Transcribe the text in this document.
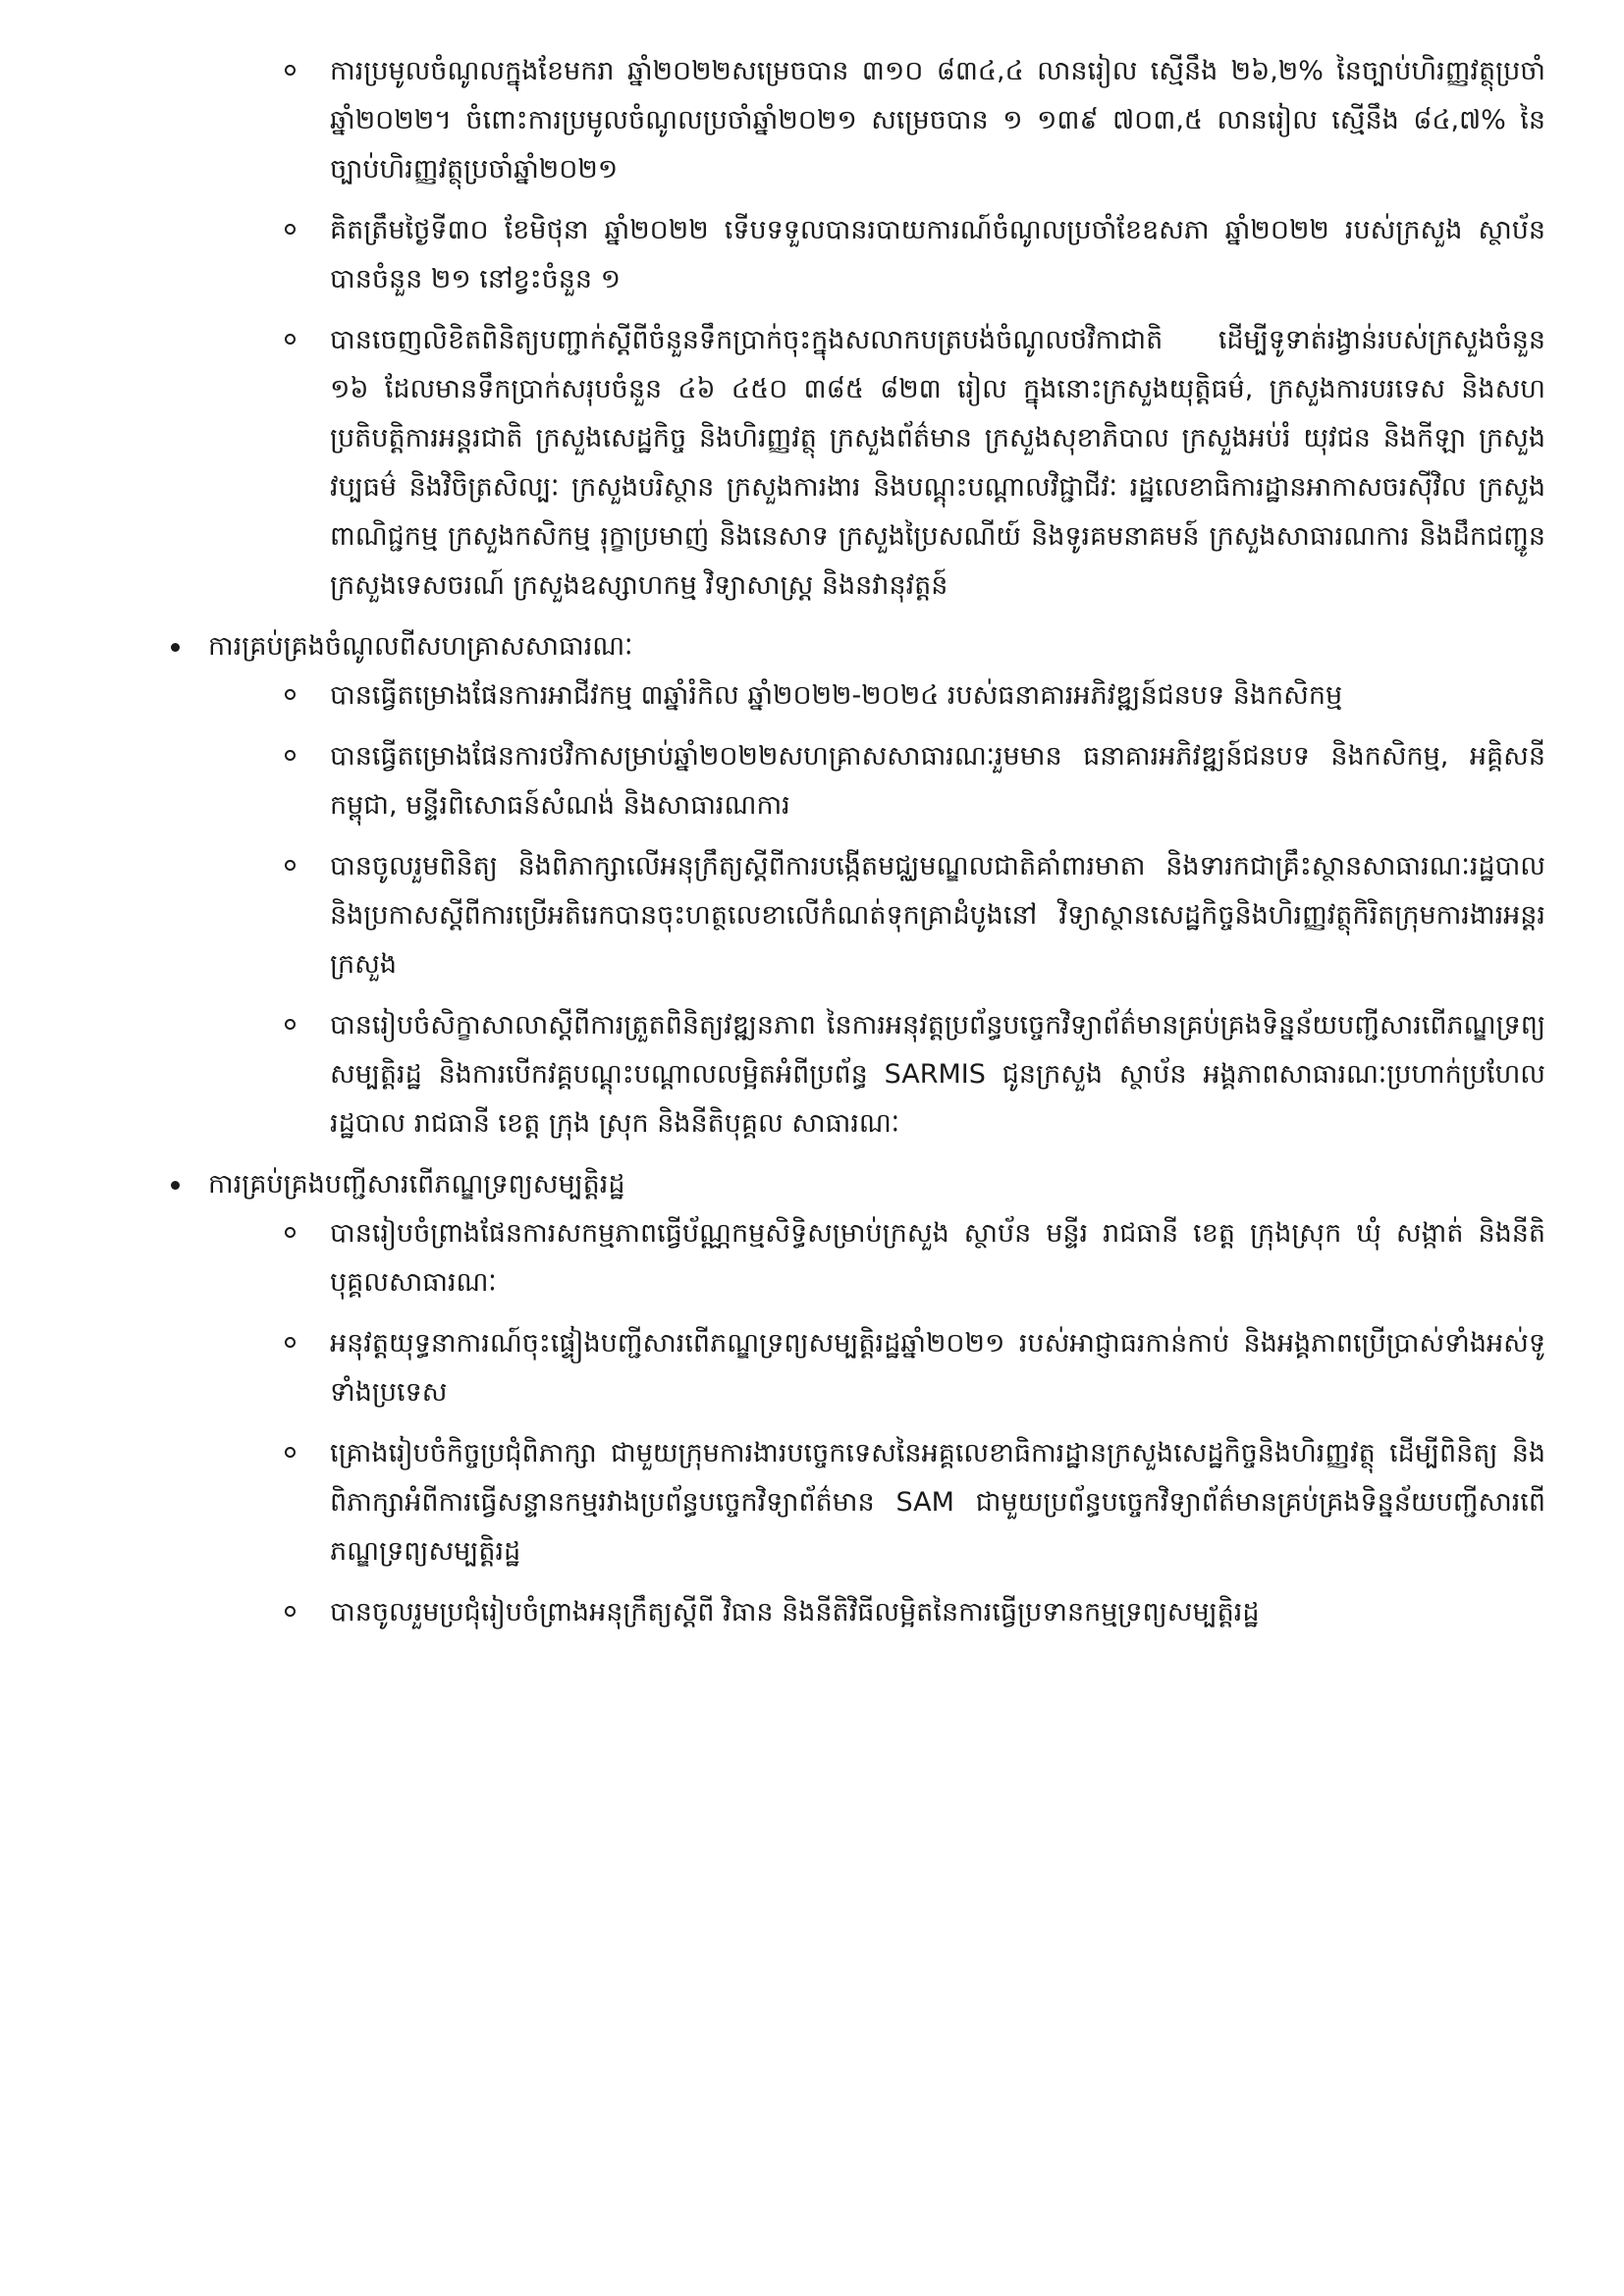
ការប្រមូលចំណូលក្នុងខែមករា ឆ្នាំ២០២២សម្រេចបាន ៣១០ ៨៣៤,៤ លានរៀល ស្មើនឹង ២៦,២% នៃច្បាប់ហិរញ្ញវត្ថុប្រចាំឆ្នាំ២០២២។ ចំពោះការប្រមូលចំណូលប្រចាំឆ្នាំ២០២១ សម្រេចបាន ១ ១៣៩ ៧០៣,៥ លានរៀល ស្មើនឹង ៨៤,៧% នៃច្បាប់ហិរញ្ញវត្ថុប្រចាំឆ្នាំ២០២១
គិតត្រឹមថ្ងៃទី៣០ ខែមិថុនា ឆ្នាំ២០២២ ទើបទទួលបានរបាយការណ៍ចំណូលប្រចាំខែឧសភា ឆ្នាំ២០២២ របស់ក្រសួង ស្ថាប័ន បានចំនួន ២១ នៅខ្វះចំនួន ១
បានចេញលិខិតពិនិត្យបញ្ជាក់ស្តីពីចំនួនទឹកប្រាក់ចុះក្នុងសលាកបត្របង់ចំណូលថវិកាជាតិ ដើម្បីទូទាត់រង្វាន់របស់ក្រសួងចំនួន ១៦ ដែលមានទឹកប្រាក់សរុបចំនួន ៤៦ ៤៥០ ៣៨៥ ៨២៣ រៀល ក្នុងនោះក្រសួងយុត្តិធម៌, ក្រសួងការបរទេស និងសហប្រតិបត្តិការអន្តរជាតិ ក្រសួងសេដ្ឋកិច្ច និងហិរញ្ញវត្ថុ ក្រសួងព័ត៌មាន ក្រសួងសុខាភិបាល ក្រសួងអប់រំ យុវជន និងកីឡា ក្រសួងវប្បធម៌ និងវិចិត្រសិល្បៈ ក្រសួងបរិស្ថាន ក្រសួងការងារ និងបណ្តុះបណ្តាលវិជ្ជាជីវៈ រដ្ឋលេខាធិការដ្ឋានអាកាសចរស៊ីវិល ក្រសួងពាណិជ្ជកម្ម ក្រសួងកសិកម្ម រុក្ខាប្រមាញ់ និងនេសាទ ក្រសួងប្រៃសណីយ៍ និងទូរគមនាគមន៍ ក្រសួងសាធារណការ និងដឹកជញ្ជូន ក្រសួងទេសចរណ៍ ក្រសួងឧស្សាហកម្ម វិទ្យាសាស្ត្រ និងនវានុវត្តន៍
ការគ្រប់គ្រងចំណូលពីសហគ្រាសសាធារណៈ
បានធ្វើតម្រោងផែនការអាជីវកម្ម ៣ឆ្នាំរំកិល ឆ្នាំ២០២២-២០២៤ របស់ធនាគារអភិវឌ្ឍន៍ជនបទ និងកសិកម្ម
បានធ្វើតម្រោងផែនការថវិកាសម្រាប់ឆ្នាំ២០២២សហគ្រាសសាធារណៈរួមមាន ធនាគារអភិវឌ្ឍន៍ជនបទ និងកសិកម្ម, អគ្គិសនីកម្ពុជា, មន្ទីរពិសោធន៍សំណង់ និងសាធារណការ
បានចូលរួមពិនិត្យ និងពិភាក្សាលើអនុក្រឹត្យស្តីពីការបង្កើតមជ្ឈមណ្ឌលជាតិគាំពារមាតា និងទារកជាគ្រឹះស្ថានសាធារណៈរដ្ឋបាលនិងប្រកាសស្តីពីការប្រើអតិរេកបានចុះហត្ថលេខាលើកំណត់ទុកគ្រាដំបូងនៅ វិទ្យាស្ថានសេដ្ឋកិច្ចនិងហិរញ្ញវត្ថុកិរិតក្រុមការងារអន្តរក្រសួង
បានរៀបចំសិក្ខាសាលាស្តីពីការត្រួតពិនិត្យវឌ្ឍនភាព នៃការអនុវត្តប្រព័ន្ធបច្ចេកវិទ្យាព័ត៌មានគ្រប់គ្រងទិន្នន័យបញ្ជីសារពើភណ្ឌទ្រព្យសម្បត្តិរដ្ឋ និងការបើកវគ្គបណ្តុះបណ្តាលលម្អិតអំពីប្រព័ន្ធ SARMIS ជូនក្រសួង ស្ថាប័ន អង្គភាពសាធារណៈប្រហាក់ប្រហែល រដ្ឋបាល រាជធានី ខេត្ត ក្រុង ស្រុក និងនីតិបុគ្គល សាធារណៈ
ការគ្រប់គ្រងបញ្ជីសារពើភណ្ឌទ្រព្យសម្បត្តិរដ្ឋ
បានរៀបចំព្រាងផែនការសកម្មភាពធ្វើប័ណ្ណកម្មសិទ្ធិសម្រាប់ក្រសួង ស្ថាប័ន មន្ទីរ រាជធានី ខេត្ត ក្រុងស្រុក ឃុំ សង្កាត់ និងនីតិបុគ្គលសាធារណៈ
អនុវត្តយុទ្ធនាការណ៍ចុះផ្ទៀងបញ្ជីសារពើភណ្ឌទ្រព្យសម្បត្តិរដ្ឋឆ្នាំ២០២១ របស់អាជ្ញាធរកាន់កាប់ និងអង្គភាពប្រើប្រាស់ទាំងអស់ទូទាំងប្រទេស
គ្រោងរៀបចំកិច្ចប្រជុំពិភាក្សា ជាមួយក្រុមការងារបច្ចេកទេសនៃអគ្គលេខាធិការដ្ឋានក្រសួងសេដ្ឋកិច្ចនិងហិរញ្ញវត្ថុ ដើម្បីពិនិត្យ និងពិភាក្សាអំពីការធ្វើសន្ទានកម្មរវាងប្រព័ន្ធបច្ចេកវិទ្យាព័ត៌មាន SAM ជាមួយប្រព័ន្ធបច្ចេកវិទ្យាព័ត៌មានគ្រប់គ្រងទិន្នន័យបញ្ជីសារពើភណ្ឌទ្រព្យសម្បត្តិរដ្ឋ
បានចូលរួមប្រជុំរៀបចំព្រាងអនុក្រឹត្យស្តីពី វិធាន និងនីតិវិធីលម្អិតនៃការធ្វើប្រទានកម្មទ្រព្យសម្បត្តិរដ្ឋ
